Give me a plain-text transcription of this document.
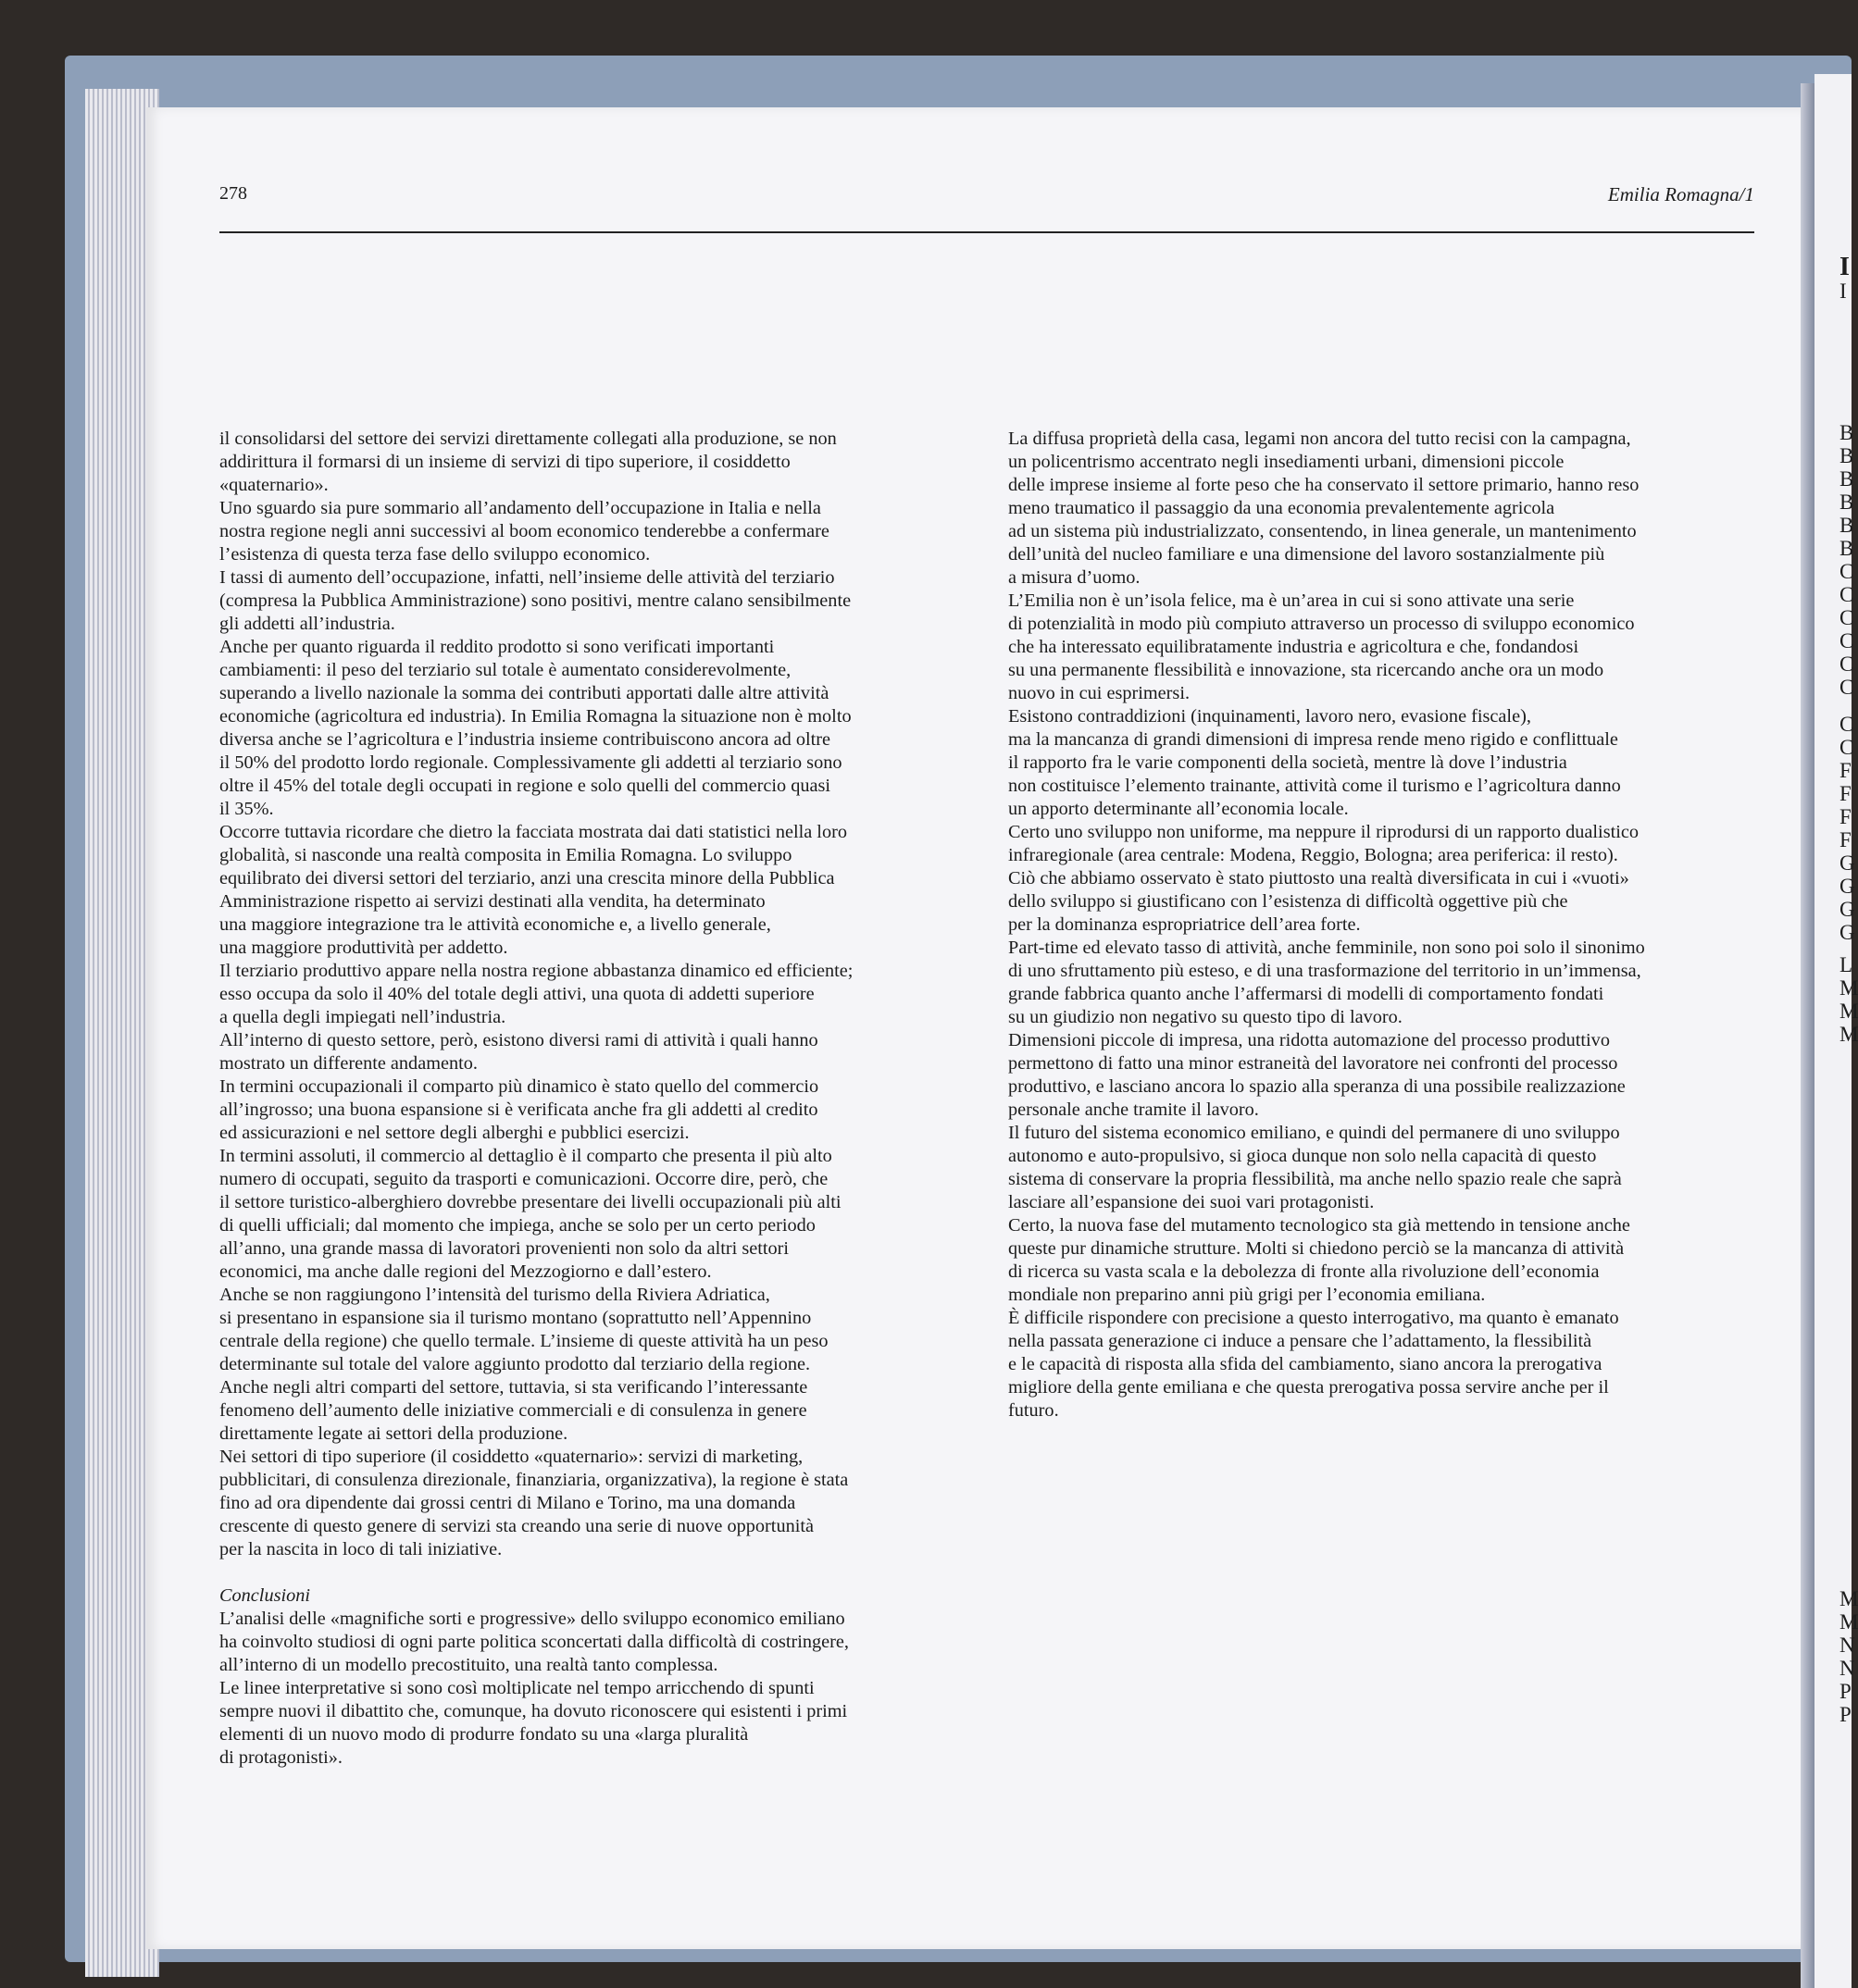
I
I
B
B
B
B
B
B
C
C
C
C
C
C
C
C
F
F
F
F
G
G
G
G
L
M
M
M
M
M
N
N
P
P
278	Emilia Romagna/1
il consolidarsi del settore dei servizi direttamente collegati alla produzione, se non
addirittura il formarsi di un insieme di servizi di tipo superiore, il cosiddetto
«quaternario».
Uno sguardo sia pure sommario all’andamento dell’occupazione in Italia e nella
nostra regione negli anni successivi al boom economico tenderebbe a confermare
l’esistenza di questa terza fase dello sviluppo economico.
I tassi di aumento dell’occupazione, infatti, nell’insieme delle attività del terziario
(compresa la Pubblica Amministrazione) sono positivi, mentre calano sensibilmente
gli addetti all’industria.
Anche per quanto riguarda il reddito prodotto si sono verificati importanti
cambiamenti: il peso del terziario sul totale è aumentato considerevolmente,
superando a livello nazionale la somma dei contributi apportati dalle altre attività
economiche (agricoltura ed industria). In Emilia Romagna la situazione non è molto
diversa anche se l’agricoltura e l’industria insieme contribuiscono ancora ad oltre
il 50% del prodotto lordo regionale. Complessivamente gli addetti al terziario sono
oltre il 45% del totale degli occupati in regione e solo quelli del commercio quasi
il 35%.
Occorre tuttavia ricordare che dietro la facciata mostrata dai dati statistici nella loro
globalità, si nasconde una realtà composita in Emilia Romagna. Lo sviluppo
equilibrato dei diversi settori del terziario, anzi una crescita minore della Pubblica
Amministrazione rispetto ai servizi destinati alla vendita, ha determinato
una maggiore integrazione tra le attività economiche e, a livello generale,
una maggiore produttività per addetto.
Il terziario produttivo appare nella nostra regione abbastanza dinamico ed efficiente;
esso occupa da solo il 40% del totale degli attivi, una quota di addetti superiore
a quella degli impiegati nell’industria.
All’interno di questo settore, però, esistono diversi rami di attività i quali hanno
mostrato un differente andamento.
In termini occupazionali il comparto più dinamico è stato quello del commercio
all’ingrosso; una buona espansione si è verificata anche fra gli addetti al credito
ed assicurazioni e nel settore degli alberghi e pubblici esercizi.
In termini assoluti, il commercio al dettaglio è il comparto che presenta il più alto
numero di occupati, seguito da trasporti e comunicazioni. Occorre dire, però, che
il settore turistico-alberghiero dovrebbe presentare dei livelli occupazionali più alti
di quelli ufficiali; dal momento che impiega, anche se solo per un certo periodo
all’anno, una grande massa di lavoratori provenienti non solo da altri settori
economici, ma anche dalle regioni del Mezzogiorno e dall’estero.
Anche se non raggiungono l’intensità del turismo della Riviera Adriatica,
si presentano in espansione sia il turismo montano (soprattutto nell’Appennino
centrale della regione) che quello termale. L’insieme di queste attività ha un peso
determinante sul totale del valore aggiunto prodotto dal terziario della regione.
Anche negli altri comparti del settore, tuttavia, si sta verificando l’interessante
fenomeno dell’aumento delle iniziative commerciali e di consulenza in genere
direttamente legate ai settori della produzione.
Nei settori di tipo superiore (il cosiddetto «quaternario»: servizi di marketing,
pubblicitari, di consulenza direzionale, finanziaria, organizzativa), la regione è stata
fino ad ora dipendente dai grossi centri di Milano e Torino, ma una domanda
crescente di questo genere di servizi sta creando una serie di nuove opportunità
per la nascita in loco di tali iniziative.
Conclusioni
L’analisi delle «magnifiche sorti e progressive» dello sviluppo economico emiliano
ha coinvolto studiosi di ogni parte politica sconcertati dalla difficoltà di costringere,
all’interno di un modello precostituito, una realtà tanto complessa.
Le linee interpretative si sono così moltiplicate nel tempo arricchendo di spunti
sempre nuovi il dibattito che, comunque, ha dovuto riconoscere qui esistenti i primi
elementi di un nuovo modo di produrre fondato su una «larga pluralità
di protagonisti».
La diffusa proprietà della casa, legami non ancora del tutto recisi con la campagna,
un policentrismo accentrato negli insediamenti urbani, dimensioni piccole
delle imprese insieme al forte peso che ha conservato il settore primario, hanno reso
meno traumatico il passaggio da una economia prevalentemente agricola
ad un sistema più industrializzato, consentendo, in linea generale, un mantenimento
dell’unità del nucleo familiare e una dimensione del lavoro sostanzialmente più
a misura d’uomo.
L’Emilia non è un’isola felice, ma è un’area in cui si sono attivate una serie
di potenzialità in modo più compiuto attraverso un processo di sviluppo economico
che ha interessato equilibratamente industria e agricoltura e che, fondandosi
su una permanente flessibilità e innovazione, sta ricercando anche ora un modo
nuovo in cui esprimersi.
Esistono contraddizioni (inquinamenti, lavoro nero, evasione fiscale),
ma la mancanza di grandi dimensioni di impresa rende meno rigido e conflittuale
il rapporto fra le varie componenti della società, mentre là dove l’industria
non costituisce l’elemento trainante, attività come il turismo e l’agricoltura danno
un apporto determinante all’economia locale.
Certo uno sviluppo non uniforme, ma neppure il riprodursi di un rapporto dualistico
infraregionale (area centrale: Modena, Reggio, Bologna; area periferica: il resto).
Ciò che abbiamo osservato è stato piuttosto una realtà diversificata in cui i «vuoti»
dello sviluppo si giustificano con l’esistenza di difficoltà oggettive più che
per la dominanza espropriatrice dell’area forte.
Part-time ed elevato tasso di attività, anche femminile, non sono poi solo il sinonimo
di uno sfruttamento più esteso, e di una trasformazione del territorio in un’immensa,
grande fabbrica quanto anche l’affermarsi di modelli di comportamento fondati
su un giudizio non negativo su questo tipo di lavoro.
Dimensioni piccole di impresa, una ridotta automazione del processo produttivo
permettono di fatto una minor estraneità del lavoratore nei confronti del processo
produttivo, e lasciano ancora lo spazio alla speranza di una possibile realizzazione
personale anche tramite il lavoro.
Il futuro del sistema economico emiliano, e quindi del permanere di uno sviluppo
autonomo e auto-propulsivo, si gioca dunque non solo nella capacità di questo
sistema di conservare la propria flessibilità, ma anche nello spazio reale che saprà
lasciare all’espansione dei suoi vari protagonisti.
Certo, la nuova fase del mutamento tecnologico sta già mettendo in tensione anche
queste pur dinamiche strutture. Molti si chiedono perciò se la mancanza di attività
di ricerca su vasta scala e la debolezza di fronte alla rivoluzione dell’economia
mondiale non preparino anni più grigi per l’economia emiliana.
È difficile rispondere con precisione a questo interrogativo, ma quanto è emanato
nella passata generazione ci induce a pensare che l’adattamento, la flessibilità
e le capacità di risposta alla sfida del cambiamento, siano ancora la prerogativa
migliore della gente emiliana e che questa prerogativa possa servire anche per il
futuro.
